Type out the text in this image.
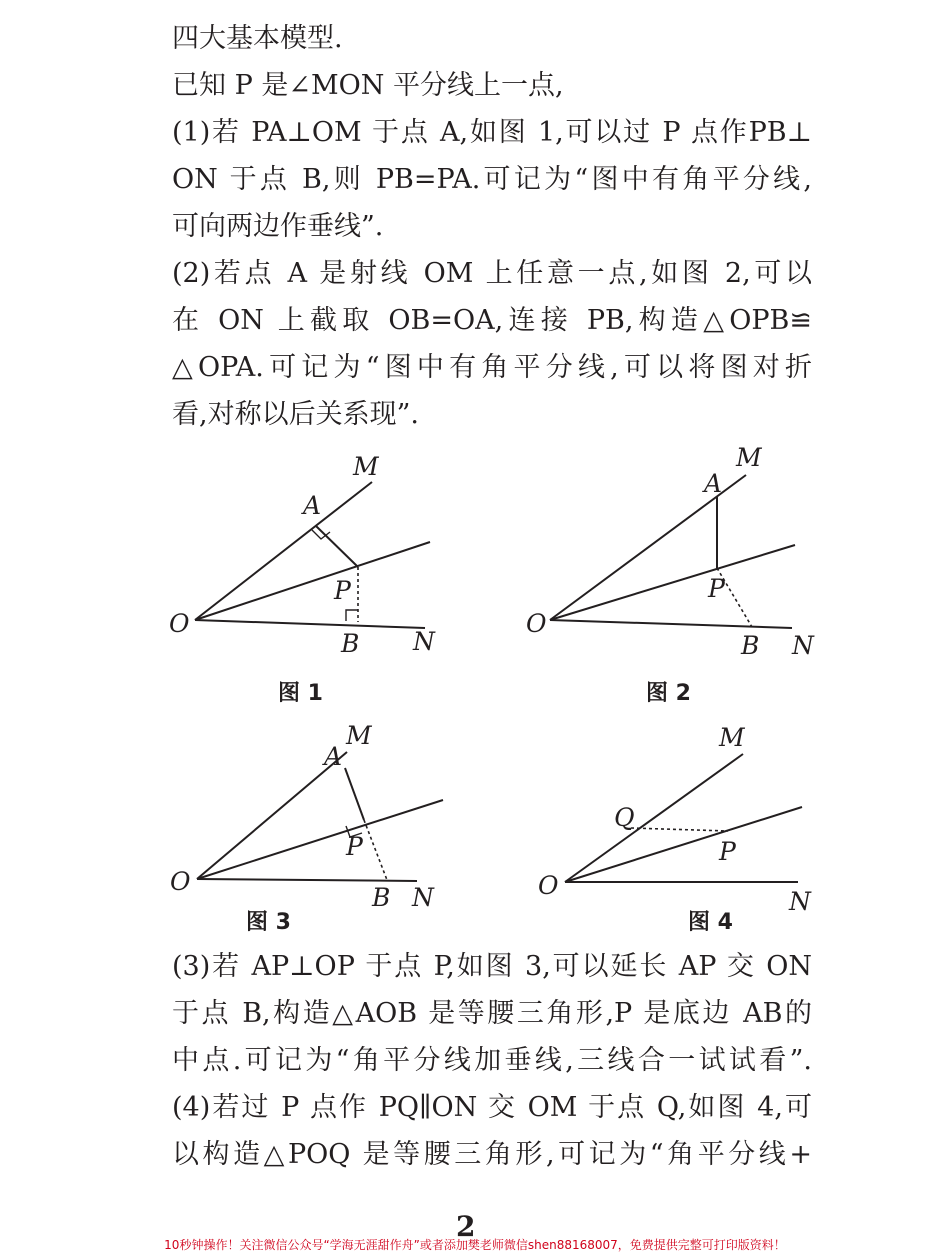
四大基本模型.
已知 P 是∠MON 平分线上一点,
(1)若 PA⊥OM 于点 A,如图 1,可以过 P 点作PB⊥
ON 于点 B,则 PB=PA.可记为“图中有角平分线,
可向两边作垂线”.
(2)若点 A 是射线 OM 上任意一点,如图 2,可以
在 ON 上截取 OB=OA,连接 PB,构造△OPB≌
△OPA.可记为“图中有角平分线,可以将图对折
看,对称以后关系现”.
M
A
P
O
B N
图 1
M
A
P
O
B N
图 2
M
A
P
O
B N
图 3
M
Q
P
O
N
图 4
(3)若 AP⊥OP 于点 P,如图 3,可以延长 AP 交 ON
于点 B,构造△AOB 是等腰三角形,P 是底边 AB的
中点.可记为“角平分线加垂线,三线合一试试看”.
(4)若过 P 点作 PQ∥ON 交 OM 于点 Q,如图 4,可
以构造△POQ 是等腰三角形,可记为“角平分线+
2
10秒钟操作！关注微信公众号“学海无涯甜作舟”或者添加樊老师微信shen88168007，免费提供完整可打印版资料！
